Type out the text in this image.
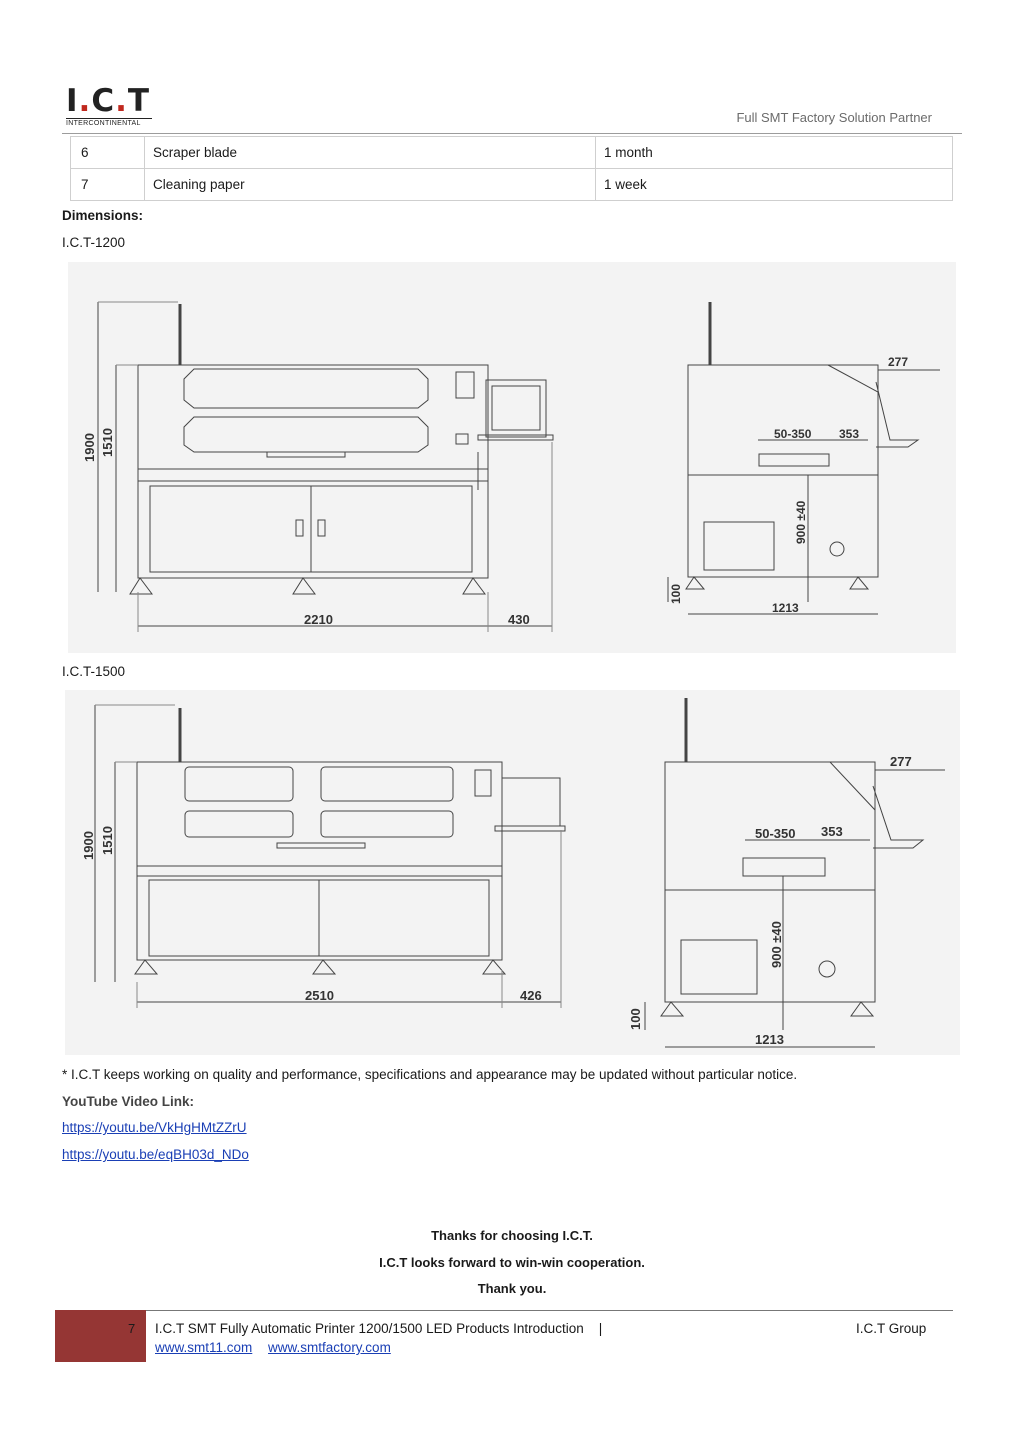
I.C.T
INTERCONTINENTAL	Full SMT Factory Solution Partner
6	Scraper blade	1 month
7	Cleaning paper	1 week
Dimensions:
I.C.T-1200
1900 1510
2210	430
277
50-350 353
900 ±40
100
1213
I.C.T-1500
1900 1510
2510	426
277
50-350 353
900 ±40
100
1213
* I.C.T keeps working on quality and performance, specifications and appearance may be updated without particular notice.
YouTube Video Link:
https://youtu.be/VkHgHMtZZrU
https://youtu.be/eqBH03d_NDo
Thanks for choosing I.C.T.
I.C.T looks forward to win-win cooperation.
Thank you.
7 I.C.T SMT Fully Automatic Printer 1200/1500 LED Products Introduction    |	I.C.T Group
www.smt11.com www.smtfactory.com
